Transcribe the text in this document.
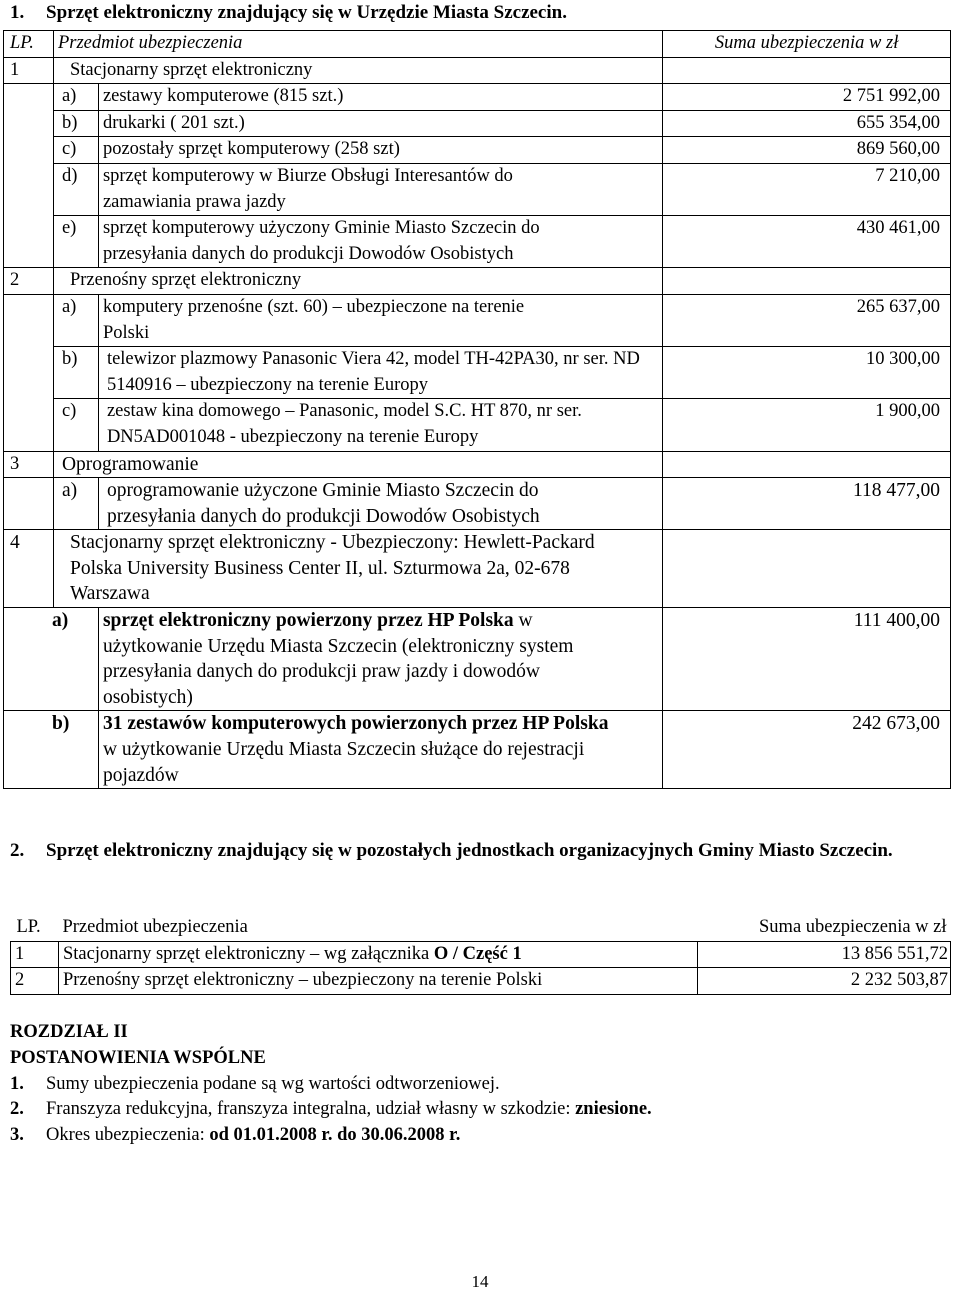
1. Sprzęt elektroniczny znajdujący się w Urzędzie Miasta Szczecin.
LP.	Przedmiot ubezpieczenia		Suma ubezpieczenia w zł
1	Stacjonarny sprzęt elektroniczny		
	a)	zestawy komputerowe (815 szt.)	2 751 992,00
	b)	drukarki ( 201 szt.)	655 354,00
	c)	pozostały sprzęt komputerowy (258 szt)	869 560,00
	d)	sprzęt komputerowy w Biurze Obsługi Interesantów do zamawiania prawa jazdy	7 210,00
	e)	sprzęt komputerowy użyczony Gminie Miasto Szczecin do przesyłania danych do produkcji Dowodów Osobistych	430 461,00
2	Przenośny sprzęt elektroniczny		
	a)	komputery przenośne (szt. 60) – ubezpieczone na terenie Polski	265 637,00
	b)	telewizor plazmowy Panasonic Viera 42, model TH-42PA30, nr ser. ND 5140916 – ubezpieczony na terenie Europy	10 300,00
	c)	zestaw kina domowego – Panasonic, model S.C. HT 870, nr ser. DN5AD001048 - ubezpieczony na terenie Europy	1 900,00
3	Oprogramowanie		
	a)	oprogramowanie użyczone Gminie Miasto Szczecin do przesyłania danych do produkcji Dowodów Osobistych	118 477,00
4	Stacjonarny sprzęt elektroniczny - Ubezpieczony: Hewlett-Packard Polska University Business Center II, ul. Szturmowa 2a, 02-678 Warszawa		
a)		sprzęt elektroniczny powierzony przez HP Polska w użytkowanie Urzędu Miasta Szczecin (elektroniczny system przesyłania danych do produkcji praw jazdy i dowodów osobistych)	111 400,00
b)		31 zestawów komputerowych powierzonych przez HP Polska w użytkowanie Urzędu Miasta Szczecin służące do rejestracji pojazdów	242 673,00
2.	Sprzęt elektroniczny znajdujący się w pozostałych jednostkach organizacyjnych Gminy Miasto Szczecin.
LP.	Przedmiot ubezpieczenia	Suma ubezpieczenia w zł
1	Stacjonarny sprzęt elektroniczny – wg załącznika O / Część 1	13 856 551,72
2	Przenośny sprzęt elektroniczny – ubezpieczony na terenie Polski	2 232 503,87
ROZDZIAŁ II
POSTANOWIENIA WSPÓLNE
1. Sumy ubezpieczenia podane są wg wartości odtworzeniowej.
2. Franszyza redukcyjna, franszyza integralna, udział własny w szkodzie: zniesione.
3. Okres ubezpieczenia: od 01.01.2008 r. do 30.06.2008 r.
14
